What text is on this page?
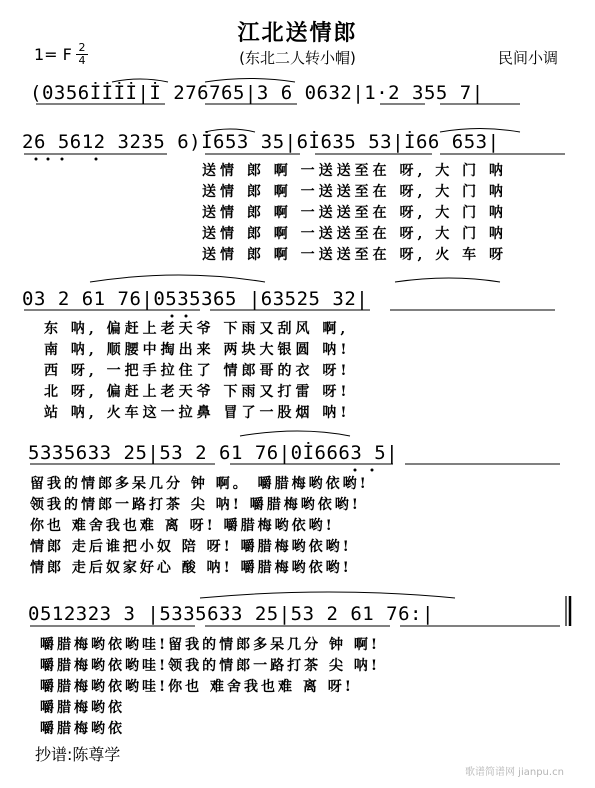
江北送情郎
(东北二人转小帽)
1= F 2
4	民间小调
(0356İİİİ|İ 276765|3 6 0632|1·2 355 7|
26 5612 3235 6)İ653 35|6İ635 53|İ66 653|
送情 郎 啊 一送送至在 呀, 大 门 呐
送情 郎 啊 一送送至在 呀, 大 门 呐
送情 郎 啊 一送送至在 呀, 大 门 呐
送情 郎 啊 一送送至在 呀, 大 门 呐
送情 郎 啊 一送送至在 呀, 火 车 呀
03 2 61 76|0535365 |63525 32|
东 呐, 偏赶上老天爷 下雨又刮风 啊,
南 呐, 顺腰中掏出来 两块大银圆 呐!
西 呀, 一把手拉住了 情郎哥的衣 呀!
北 呀, 偏赶上老天爷 下雨又打雷 呀!
站 呐, 火车这一拉鼻 冒了一股烟 呐!
5335633 25|53 2 61 76|0İ6663 5|
留我的情郎多呆几分 钟 啊。 嚼腊梅哟依哟!
领我的情郎一路打茶 尖 呐! 嚼腊梅哟依哟!
你也 难舍我也难 离 呀! 嚼腊梅哟依哟!
情郎 走后谁把小奴 陪 呀! 嚼腊梅哟依哟!
情郎 走后奴家好心 酸 呐! 嚼腊梅哟依哟!
0512323 3 |5335633 25|53 2 61 76:|
嚼腊梅哟依哟哇!留我的情郎多呆几分 钟 啊!
嚼腊梅哟依哟哇!领我的情郎一路打茶 尖 呐!
嚼腊梅哟依哟哇!你也 难舍我也难 离 呀!
嚼腊梅哟依
嚼腊梅哟依
抄谱:陈尊学
歌谱简谱网 jianpu.cn
